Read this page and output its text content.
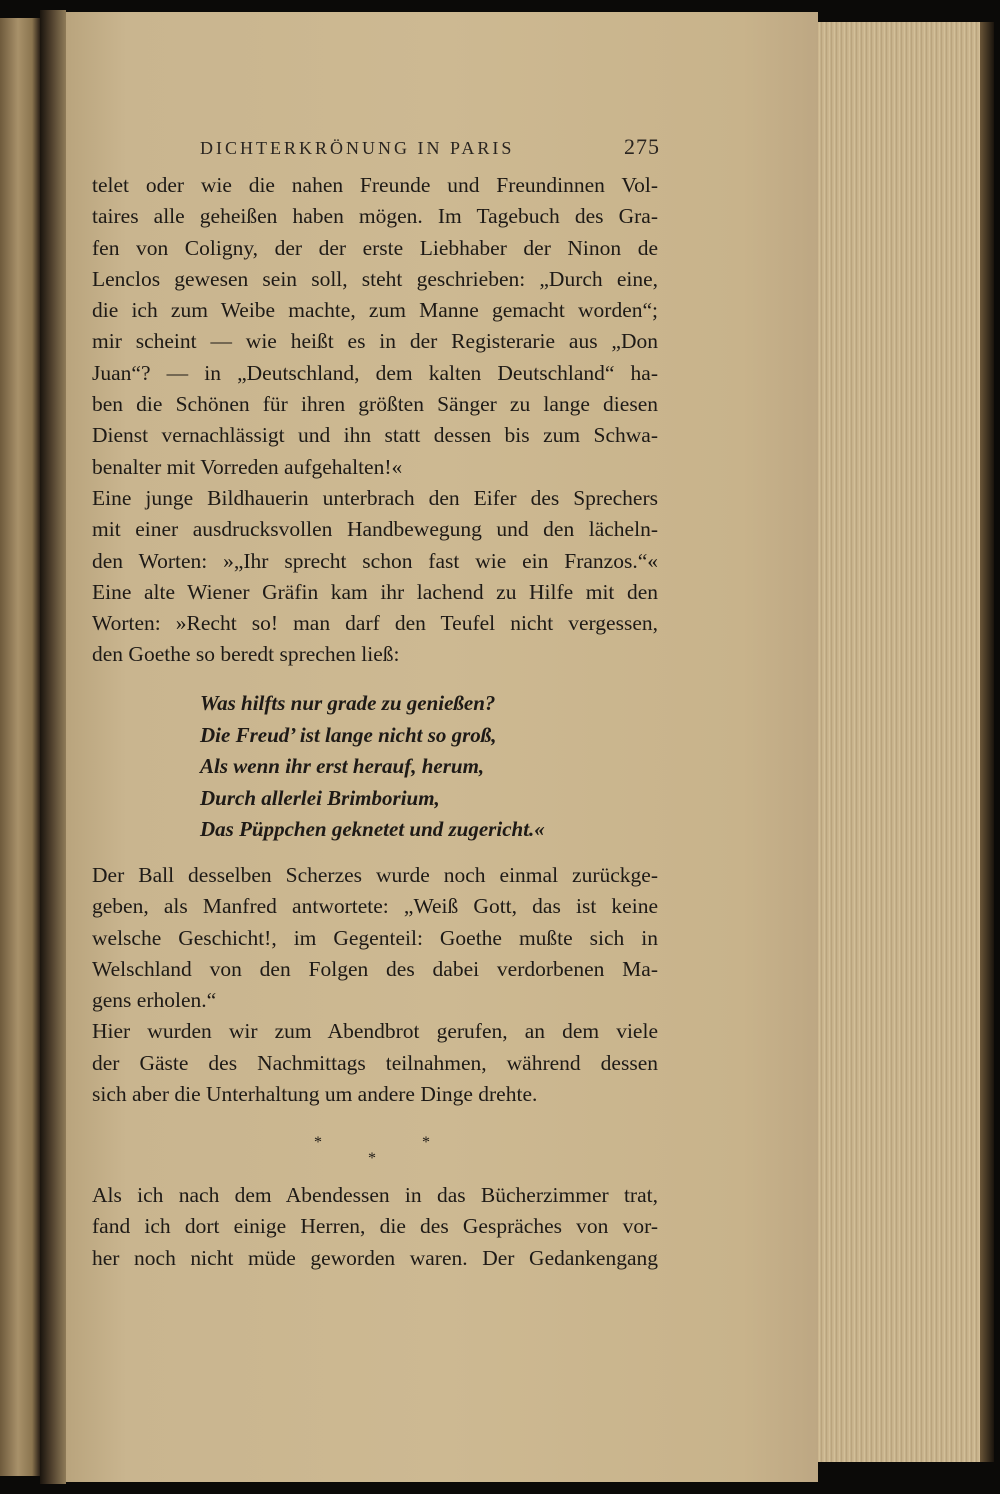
DICHTERKRÖNUNG IN PARIS	275
telet oder wie die nahen Freunde und Freundinnen Vol-
taires alle geheißen haben mögen. Im Tagebuch des Gra-
fen von Coligny, der der erste Liebhaber der Ninon de
Lenclos gewesen sein soll, steht geschrieben: „Durch eine,
die ich zum Weibe machte, zum Manne gemacht worden“;
mir scheint — wie heißt es in der Registerarie aus „Don
Juan“? — in „Deutschland, dem kalten Deutschland“ ha-
ben die Schönen für ihren größten Sänger zu lange diesen
Dienst vernachlässigt und ihn statt dessen bis zum Schwa-
benalter mit Vorreden aufgehalten!«
Eine junge Bildhauerin unterbrach den Eifer des Sprechers
mit einer ausdrucksvollen Handbewegung und den lächeln-
den Worten: »„Ihr sprecht schon fast wie ein Franzos.“«
Eine alte Wiener Gräfin kam ihr lachend zu Hilfe mit den
Worten: »Recht so! man darf den Teufel nicht vergessen,
den Goethe so beredt sprechen ließ:
Was hilfts nur grade zu genießen?
Die Freud’ ist lange nicht so groß,
Als wenn ihr erst herauf, herum,
Durch allerlei Brimborium,
Das Püppchen geknetet und zugericht.«
Der Ball desselben Scherzes wurde noch einmal zurückge-
geben, als Manfred antwortete: „Weiß Gott, das ist keine
welsche Geschicht!, im Gegenteil: Goethe mußte sich in
Welschland von den Folgen des dabei verdorbenen Ma-
gens erholen.“
Hier wurden wir zum Abendbrot gerufen, an dem viele
der Gäste des Nachmittags teilnahmen, während dessen
sich aber die Unterhaltung um andere Dinge drehte.
*	*
*
Als ich nach dem Abendessen in das Bücherzimmer trat,
fand ich dort einige Herren, die des Gespräches von vor-
her noch nicht müde geworden waren. Der Gedankengang
